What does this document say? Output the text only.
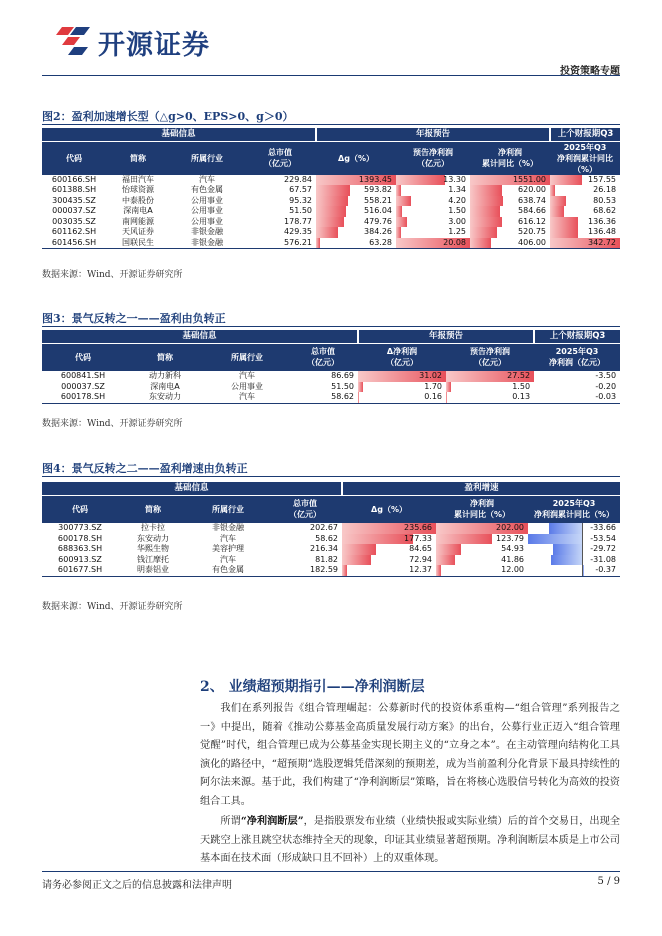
开源证券
投资策略专题
图2：盈利加速增长型（△g>0、EPS>0、g＞0）
基础信息				年报预告			上个财报期Q3
代码	简称	所属行业	总市值
（亿元）	Δg（%）	预告净利润
（亿元）	净利润
累计同比（%）	2025年Q3
净利润累计同比（%）
600166.SH	福田汽车	汽车	229.84	1393.45	13.30	1551.00	157.55

601388.SH	怡球资源	有色金属	67.57	593.82	1.34	620.00	26.18

300435.SZ	中泰股份	公用事业	95.32	558.21	4.20	638.74	80.53

000037.SZ	深南电A	公用事业	51.50	516.04	1.50	584.66	68.62

003035.SZ	南网能源	公用事业	178.77	479.76	3.00	616.12	136.36

601162.SH	天风证券	非银金融	429.35	384.26	1.25	520.75	136.48

601456.SH	国联民生	非银金融	576.21	63.28	20.08	406.00	342.72
数据来源：Wind、开源证券研究所
图3：景气反转之一——盈利由负转正
基础信息				年报预告		上个财报期Q3
代码	简称	所属行业	总市值
（亿元）	Δ净利润
（亿元）	预告净利润
（亿元）	2025年Q3
净利润（亿元）
600841.SH	动力新科	汽车	86.69	31.02	27.52	-3.50
000037.SZ	深南电A	公用事业	51.50	1.70	1.50	-0.20
600178.SH	东安动力	汽车	58.62	0.16	0.13	-0.03
数据来源：Wind、开源证券研究所
图4：景气反转之二——盈利增速由负转正
基础信息				盈利增速		
代码	简称	所属行业	总市值
（亿元）	Δg（%）	净利润
累计同比（%）	2025年Q3
净利润累计同比（%）
300773.SZ	拉卡拉	非银金融	202.67	235.66	202.00	-33.66

600178.SH	东安动力	汽车	58.62	177.33	123.79	-53.54

688363.SH	华熙生物	美容护理	216.34	84.65	54.93	-29.72

600913.SZ	钱江摩托	汽车	81.82	72.94	41.86	-31.08

601677.SH	明泰铝业	有色金属	182.59	12.37	12.00	-0.37
数据来源：Wind、开源证券研究所
2、 业绩超预期指引——净利润断层
我们在系列报告《组合管理崛起：公募新时代的投资体系重构—“组合管理”系列报告之一》中提出，随着《推动公募基金高质量发展行动方案》的出台，公募行业正迈入“组合管理觉醒”时代，组合管理已成为公募基金实现长期主义的“立身之本”。在主动管理向结构化工具演化的路径中，“超预期”选股逻辑凭借深刻的预期差，成为当前盈利分化背景下最具持续性的阿尔法来源。基于此，我们构建了“净利润断层”策略，旨在将核心选股信号转化为高效的投资组合工具。
所谓“净利润断层”，是指股票发布业绩（业绩快报或实际业绩）后的首个交易日，出现全天跳空上涨且跳空状态维持全天的现象，印证其业绩显著超预期。净利润断层本质是上市公司基本面在技术面（形成缺口且不回补）上的双重体现。
请务必参阅正文之后的信息披露和法律声明	5 / 9
